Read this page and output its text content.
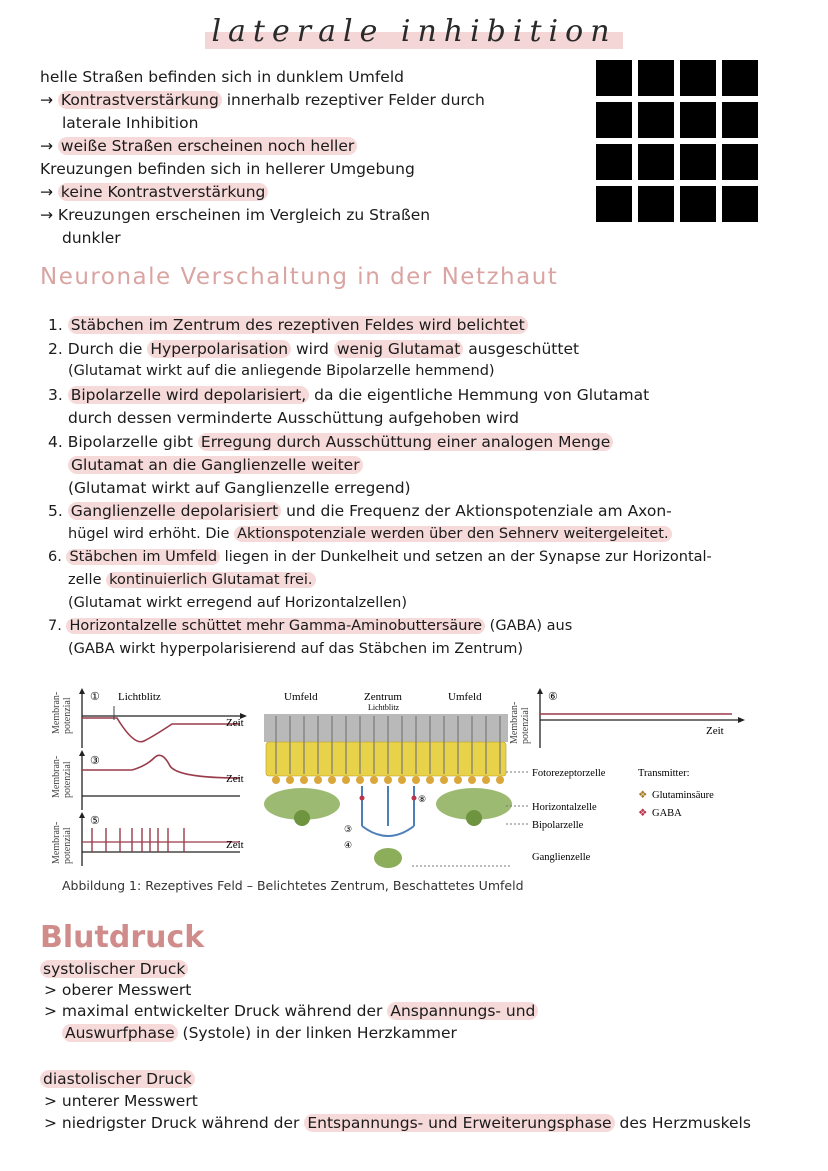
laterale inhibition
helle Straßen befinden sich in dunklem Umfeld
→ Kontrastverstärkung innerhalb rezeptiver Felder durch
laterale Inhibition
→ weiße Straßen erscheinen noch heller
Kreuzungen befinden sich in hellerer Umgebung
→ keine Kontrastverstärkung
→ Kreuzungen erscheinen im Vergleich zu Straßen
dunkler
Neuronale Verschaltung in der Netzhaut
1. Stäbchen im Zentrum des rezeptiven Feldes wird belichtet
2. Durch die Hyperpolarisation wird wenig Glutamat ausgeschüttet
(Glutamat wirkt auf die anliegende Bipolarzelle hemmend)
3. Bipolarzelle wird depolarisiert, da die eigentliche Hemmung von Glutamat
durch dessen verminderte Ausschüttung aufgehoben wird
4. Bipolarzelle gibt Erregung durch Ausschüttung einer analogen Menge
Glutamat an die Ganglienzelle weiter
(Glutamat wirkt auf Ganglienzelle erregend)
5. Ganglienzelle depolarisiert und die Frequenz der Aktionspotenziale am Axon-
hügel wird erhöht. Die Aktionspotenziale werden über den Sehnerv weitergeleitet.
6. Stäbchen im Umfeld liegen in der Dunkelheit und setzen an der Synapse zur Horizontal-
zelle kontinuierlich Glutamat frei.
(Glutamat wirkt erregend auf Horizontalzellen)
7. Horizontalzelle schüttet mehr Gamma-Aminobuttersäure (GABA) aus
(GABA wirkt hyperpolarisierend auf das Stäbchen im Zentrum)
① Lichtblitz
Zeit
③
Zeit
⑤
Zeit
potenzial
Membran-
potenzial
Membran-
potenzial
Membran-
Umfeld	Zentrum
Lichtblitz
Umfeld
③
④
⑧
Fotorezeptorzelle
Horizontalzelle
Bipolarzelle
Ganglienzelle
Transmitter:
❖ Glutaminsäure
❖ GABA
⑥
Zeit
potenzial
Membran-
Abbildung 1: Rezeptives Feld – Belichtetes Zentrum, Beschattetes Umfeld
Blutdruck
systolischer Druck
> oberer Messwert
> maximal entwickelter Druck während der Anspannungs- und
Auswurfphase (Systole) in der linken Herzkammer
diastolischer Druck
> unterer Messwert
> niedrigster Druck während der Entspannungs- und Erweiterungsphase des Herzmuskels
